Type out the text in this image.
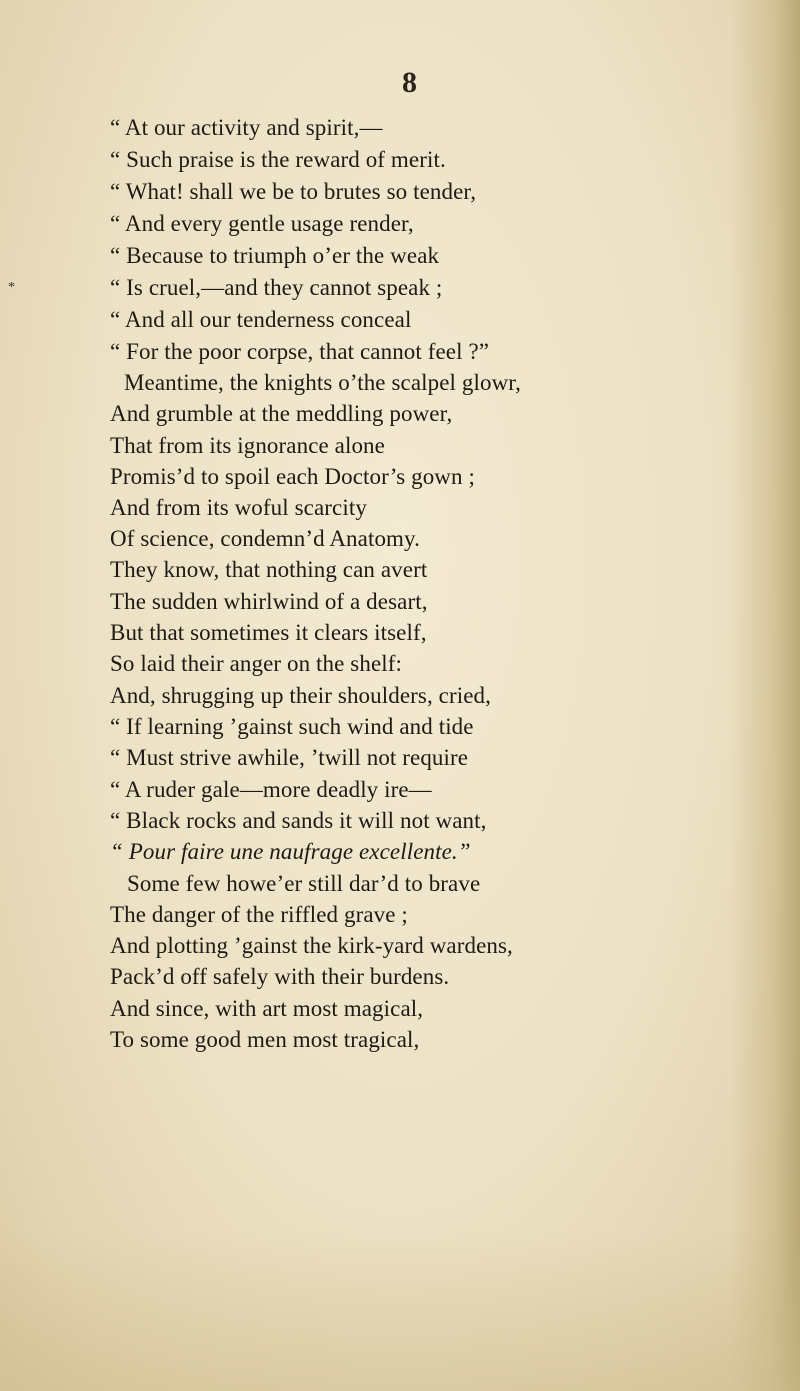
8
*
“ At our activity and spirit,—
“ Such praise is the reward of merit.
“ What! shall we be to brutes so tender,
“ And every gentle usage render,
“ Because to triumph o’er the weak
“ Is cruel,—and they cannot speak ;
“ And all our tenderness conceal
“ For the poor corpse, that cannot feel ?”
Meantime, the knights o’the scalpel glowr,
And grumble at the meddling power,
That from its ignorance alone
Promis’d to spoil each Doctor’s gown ;
And from its woful scarcity
Of science, condemn’d Anatomy.
They know, that nothing can avert
The sudden whirlwind of a desart,
But that sometimes it clears itself,
So laid their anger on the shelf:
And, shrugging up their shoulders, cried,
“ If learning ’gainst such wind and tide
“ Must strive awhile, ’twill not require
“ A ruder gale—more deadly ire—
“ Black rocks and sands it will not want,
“ Pour faire une naufrage excellente.”
Some few howe’er still dar’d to brave
The danger of the riffled grave ;
And plotting ’gainst the kirk-yard wardens,
Pack’d off safely with their burdens.
And since, with art most magical,
To some good men most tragical,
